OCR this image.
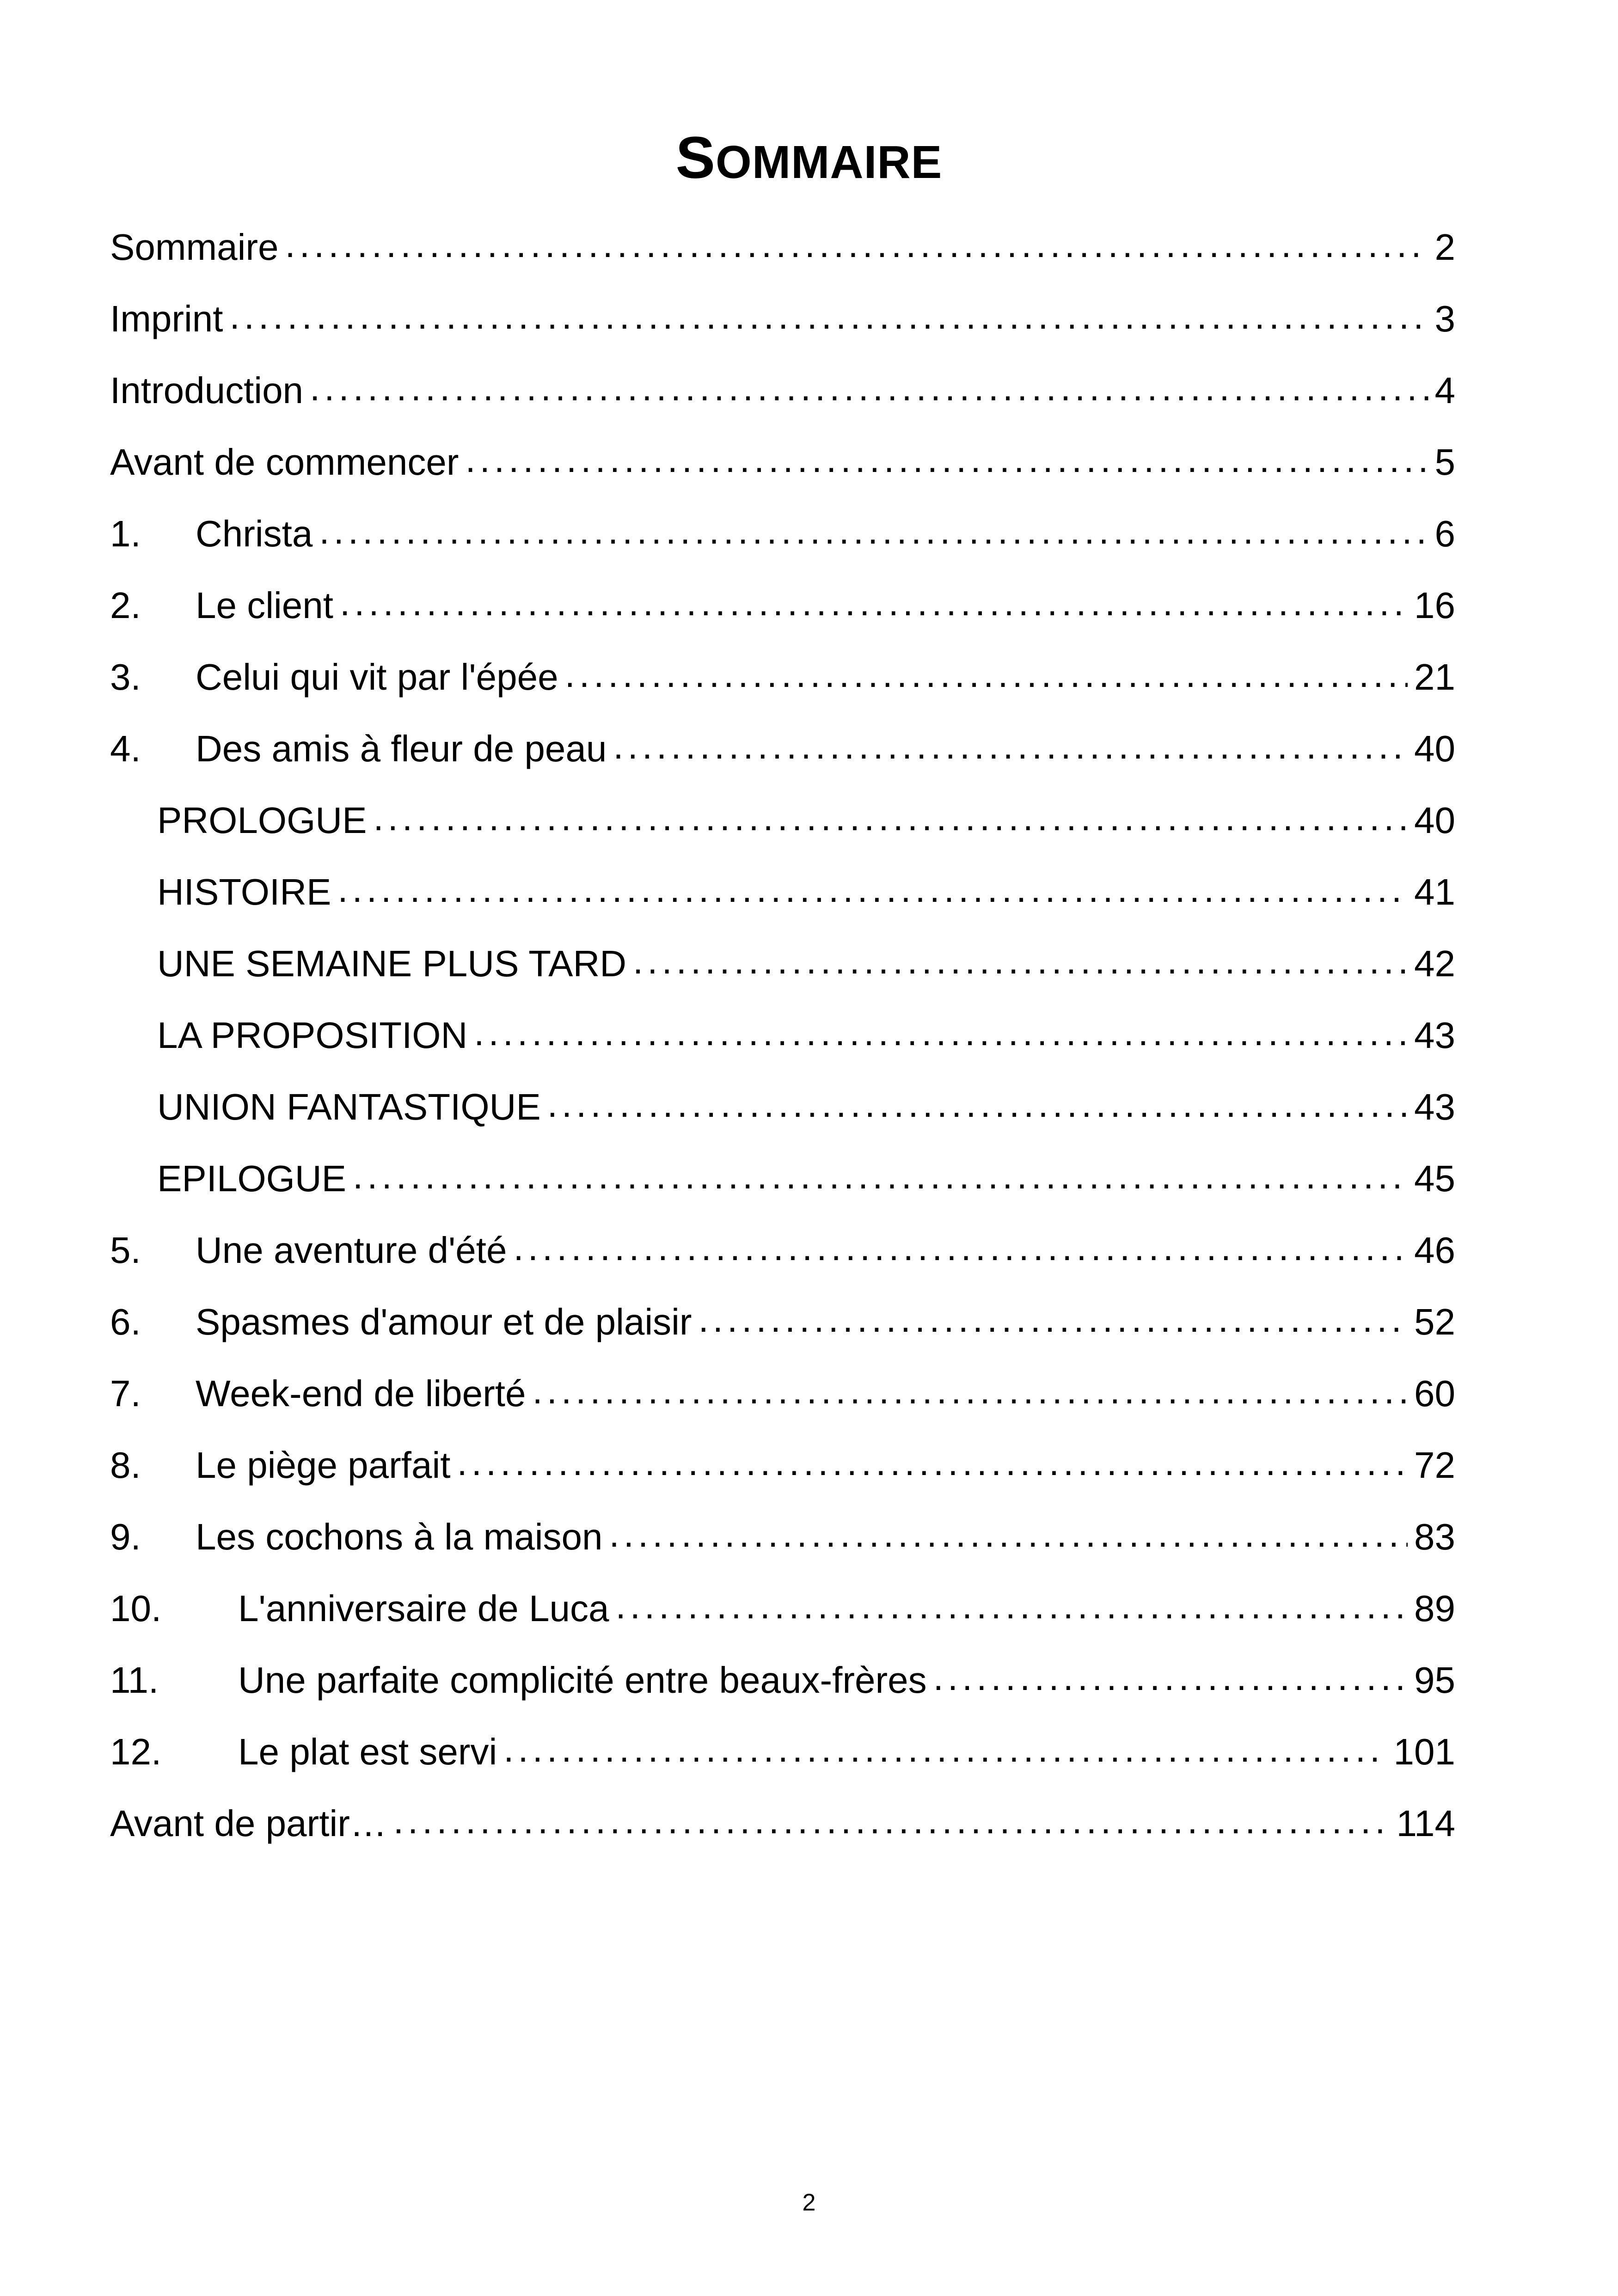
SOMMAIRE
Sommaire .....	2
Imprint .....	3
Introduction .....	4
Avant de commencer .....	5
1.	Christa .....	6
2.	Le client .....	16
3.	Celui qui vit par l'épée .....	21
4.	Des amis à fleur de peau .....	40
PROLOGUE .....	40
HISTOIRE .....	41
UNE SEMAINE PLUS TARD .....	42
LA PROPOSITION .....	43
UNION FANTASTIQUE .....	43
EPILOGUE .....	45
5.	Une aventure d'été .....	46
6.	Spasmes d'amour et de plaisir .....	52
7.	Week-end de liberté .....	60
8.	Le piège parfait .....	72
9.	Les cochons à la maison .....	83
10.	L'anniversaire de Luca .....	89
11.	Une parfaite complicité entre beaux-frères .....	95
12.	Le plat est servi .....	101
Avant de partir… .....	114
2
